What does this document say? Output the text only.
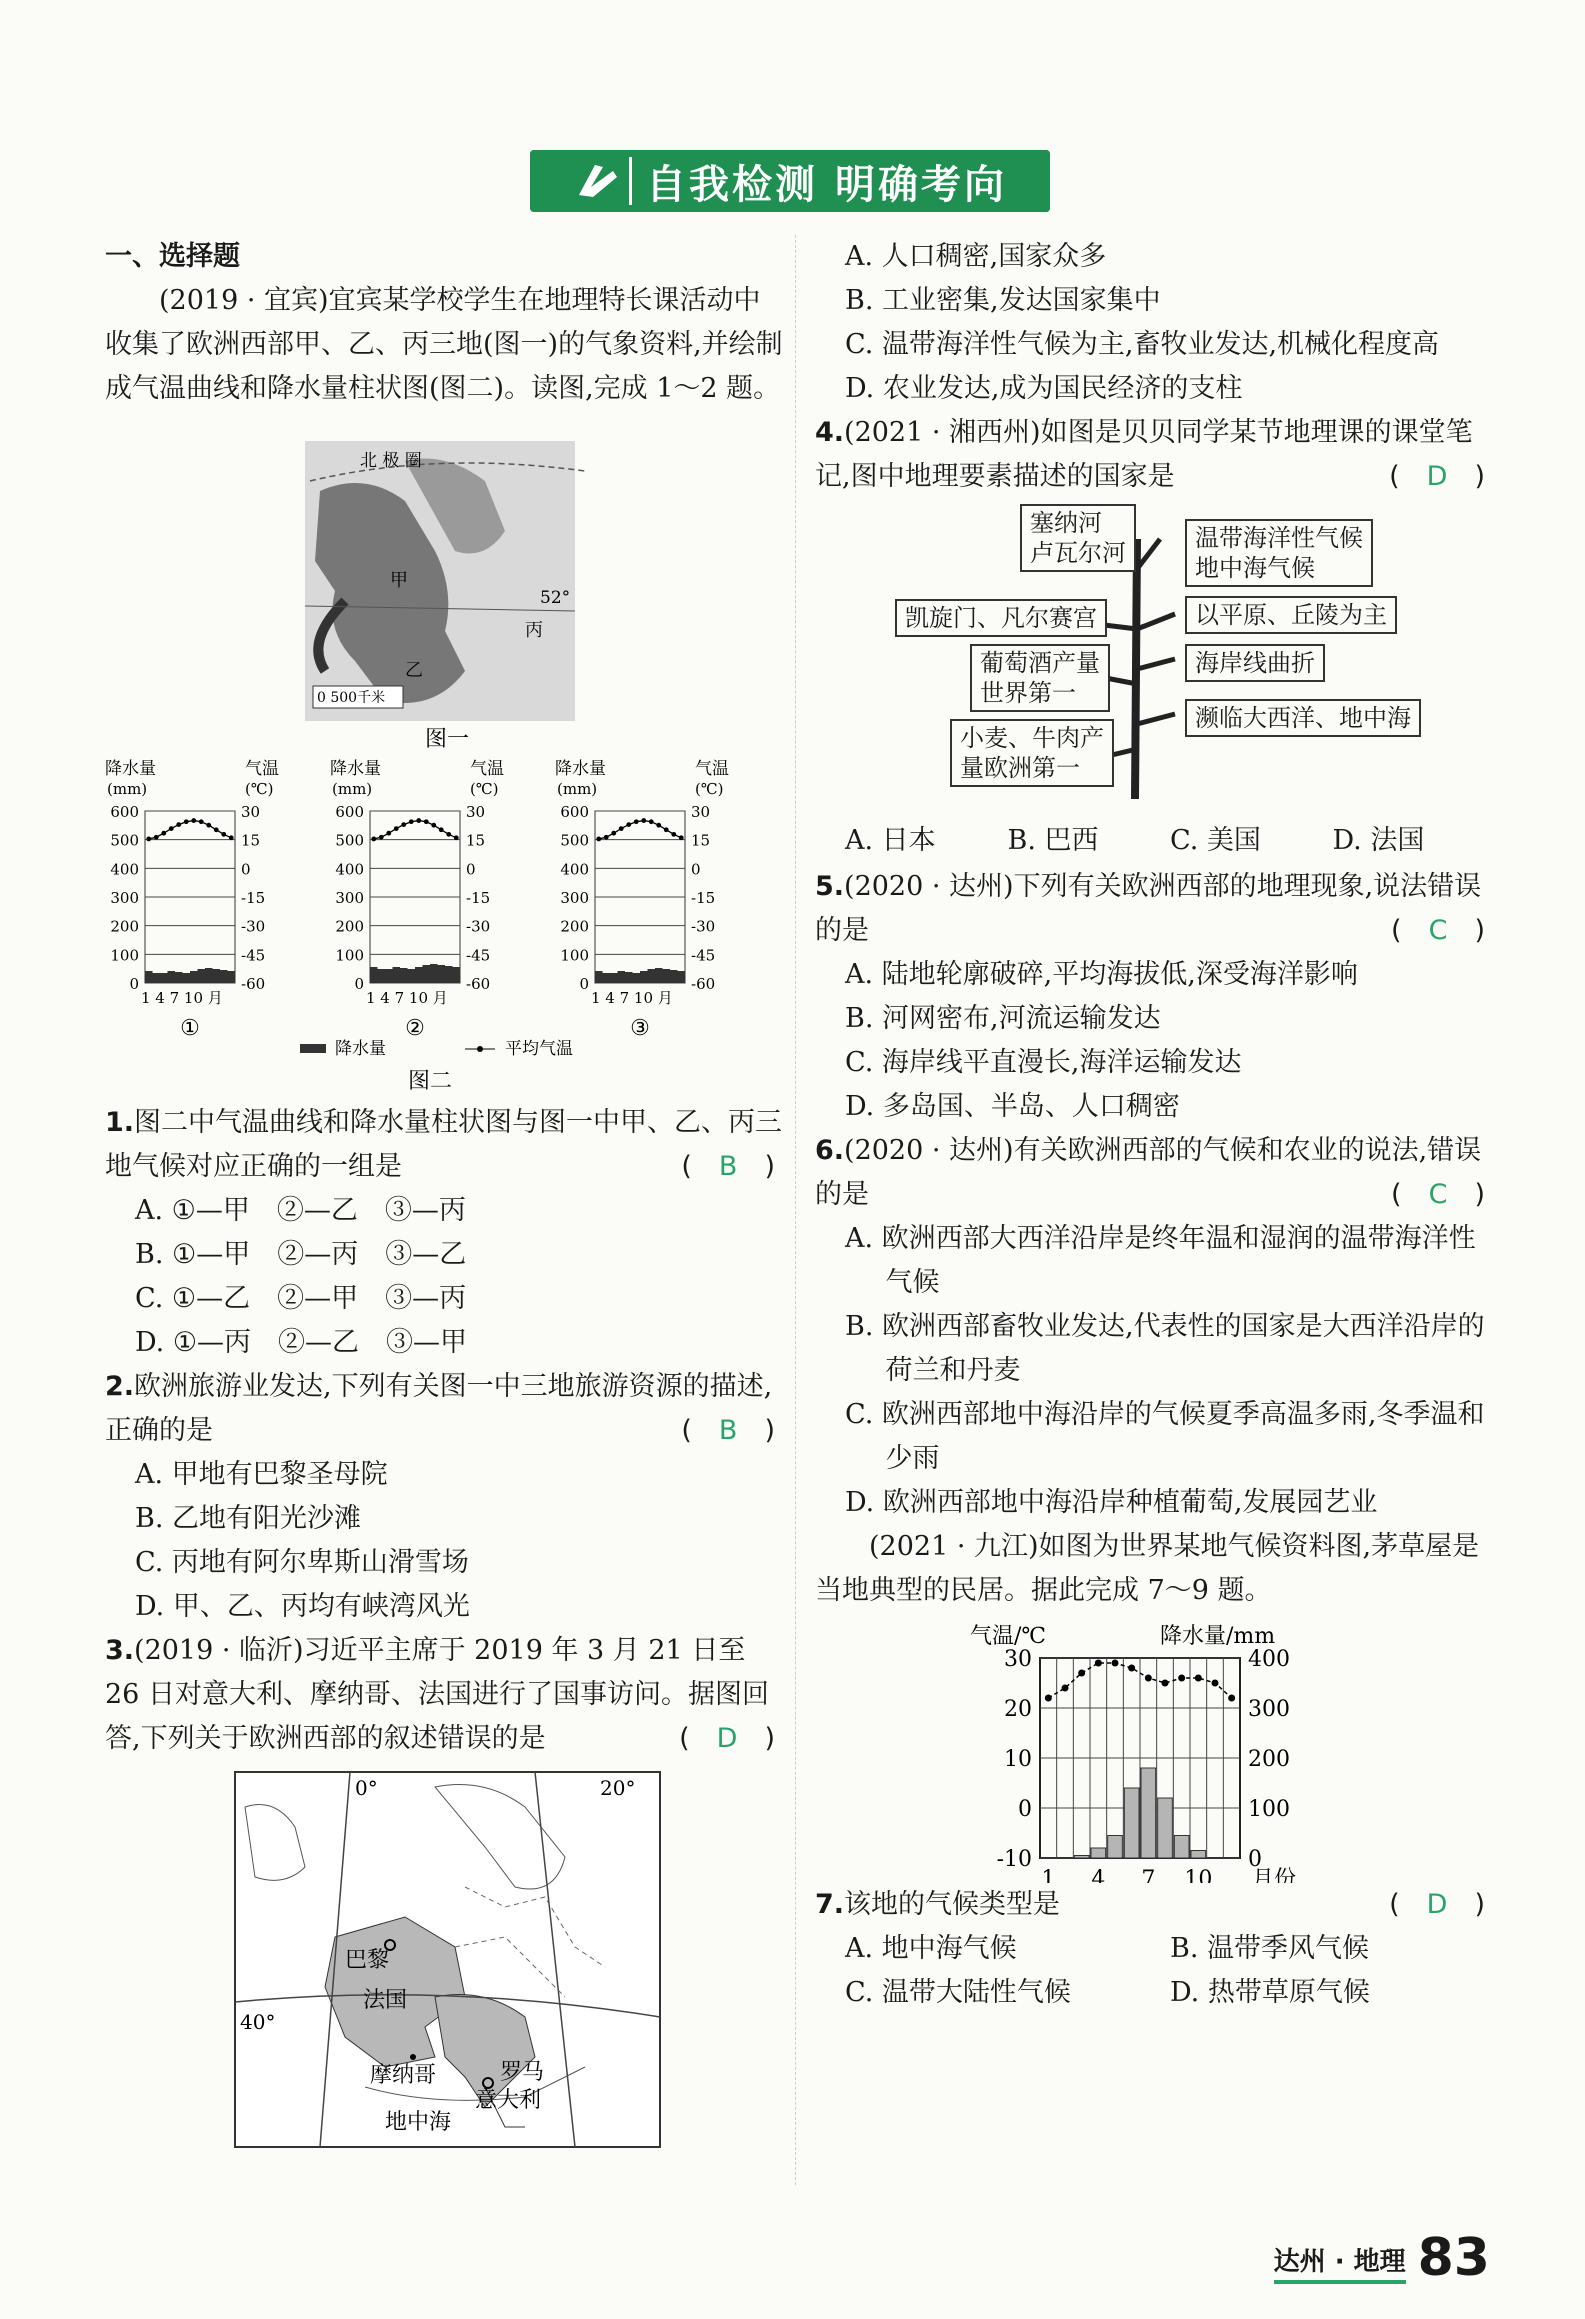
自我检测 明确考向

一、选择题

(2019 · 宜宾)宜宾某学校学生在地理特长课活动中收集了欧洲西部甲、乙、丙三地(图一)的气象资料,并绘制成气温曲线和降水量柱状图(图二)。读图,完成 1～2 题。

北 极 圈
52°
甲
乙
丙
0 500千米
图一
降水量
(mm)
气温
(℃)
600	30
500	15
400	0
300	-15
200	-30
100	-45
0	-60
1 4 7 10 月
①
降水量
(mm)
气温
(℃)
600	30
500	15
400	0
300	-15
200	-30
100	-45
0	-60
1 4 7 10 月
②
降水量
(mm)
气温
(℃)
600	30
500	15
400	0
300	-15
200	-30
100	-45
0	-60
1 4 7 10 月
③
降水量	平均气温
图二
1.图二中气温曲线和降水量柱状图与图一中甲、乙、丙三地气候对应正确的一组是	(　B　)

A. ①—甲　②—乙　③—丙

B. ①—甲　②—丙　③—乙

C. ①—乙　②—甲　③—丙

D. ①—丙　②—乙　③—甲

2.欧洲旅游业发达,下列有关图一中三地旅游资源的描述,正确的是	(　B　)

A. 甲地有巴黎圣母院

B. 乙地有阳光沙滩

C. 丙地有阿尔卑斯山滑雪场

D. 甲、乙、丙均有峡湾风光

3.(2019 · 临沂)习近平主席于 2019 年 3 月 21 日至 26 日对意大利、摩纳哥、法国进行了国事访问。据图回答,下列关于欧洲西部的叙述错误的是	(　D　)
0°	20°
40°
巴黎
法国
摩纳哥	罗马
意大利
地中海

A. 人口稠密,国家众多

B. 工业密集,发达国家集中

C. 温带海洋性气候为主,畜牧业发达,机械化程度高

D. 农业发达,成为国民经济的支柱

4.(2021 · 湘西州)如图是贝贝同学某节地理课的课堂笔记,图中地理要素描述的国家是	(　D　)
塞纳河
卢瓦尔河
温带海洋性气候
地中海气候
凯旋门、凡尔赛宫	以平原、丘陵为主
葡萄酒产量
世界第一
海岸线曲折
小麦、牛肉产
量欧洲第一
濒临大西洋、地中海
A. 日本	B. 巴西	C. 美国	D. 法国
5.(2020 · 达州)下列有关欧洲西部的地理现象,说法错误的是	(　C　)

A. 陆地轮廓破碎,平均海拔低,深受海洋影响

B. 河网密布,河流运输发达

C. 海岸线平直漫长,海洋运输发达

D. 多岛国、半岛、人口稠密

6.(2020 · 达州)有关欧洲西部的气候和农业的说法,错误的是	(　C　)

A. 欧洲西部大西洋沿岸是终年温和湿润的温带海洋性气候

B. 欧洲西部畜牧业发达,代表性的国家是大西洋沿岸的荷兰和丹麦

C. 欧洲西部地中海沿岸的气候夏季高温多雨,冬季温和少雨

D. 欧洲西部地中海沿岸种植葡萄,发展园艺业

(2021 · 九江)如图为世界某地气候资料图,茅草屋是当地典型的民居。据此完成 7～9 题。

气温/℃	降水量/mm
30	400
20	300
10	200
0	100
-10	0
1 4 7 10 月份
7.该地的气候类型是	(　D　)
A. 地中海气候	B. 温带季风气候
C. 温带大陆性气候	D. 热带草原气候
达州 · 地理 83
